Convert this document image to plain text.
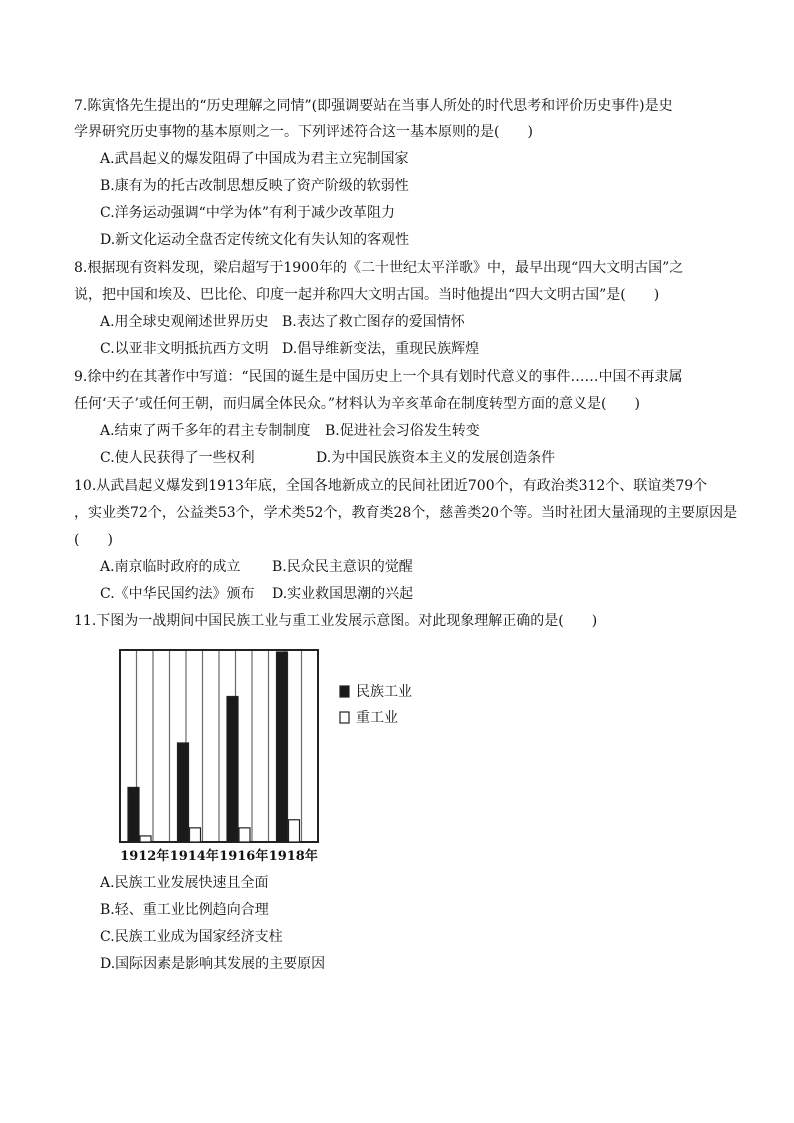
7.陈寅恪先生提出的“历史理解之同情”(即强调要站在当事人所处的时代思考和评价历史事件)是史
学界研究历史事物的基本原则之一。下列评述符合这一基本原则的是(　　)
A.武昌起义的爆发阻碍了中国成为君主立宪制国家
B.康有为的托古改制思想反映了资产阶级的软弱性
C.洋务运动强调“中学为体”有利于减少改革阻力
D.新文化运动全盘否定传统文化有失认知的客观性
8.根据现有资料发现，梁启超写于1900年的《二十世纪太平洋歌》中，最早出现“四大文明古国”之
说，把中国和埃及、巴比伦、印度一起并称四大文明古国。当时他提出“四大文明古国”是(　　)
A.用全球史观阐述世界历史 B.表达了救亡图存的爱国情怀
C.以亚非文明抵抗西方文明 D.倡导维新变法，重现民族辉煌
9.徐中约在其著作中写道：“民国的诞生是中国历史上一个具有划时代意义的事件……中国不再隶属
任何‘天子’或任何王朝，而归属全体民众。”材料认为辛亥革命在制度转型方面的意义是(　　)
A.结束了两千多年的君主专制制度 B.促进社会习俗发生转变
C.使人民获得了一些权利	D.为中国民族资本主义的发展创造条件
10.从武昌起义爆发到1913年底，全国各地新成立的民间社团近700个，有政治类312个、联谊类79个
，实业类72个，公益类53个，学术类52个，教育类28个，慈善类20个等。当时社团大量涌现的主要原因是
(　　)
A.南京临时政府的成立 B.民众民主意识的觉醒
C.《中华民国约法》颁布 D.实业救国思潮的兴起
11.下图为一战期间中国民族工业与重工业发展示意图。对此现象理解正确的是(　　)
1912年 1914年 1916年 1918年
民族工业
重工业
A.民族工业发展快速且全面
B.轻、重工业比例趋向合理
C.民族工业成为国家经济支柱
D.国际因素是影响其发展的主要原因
